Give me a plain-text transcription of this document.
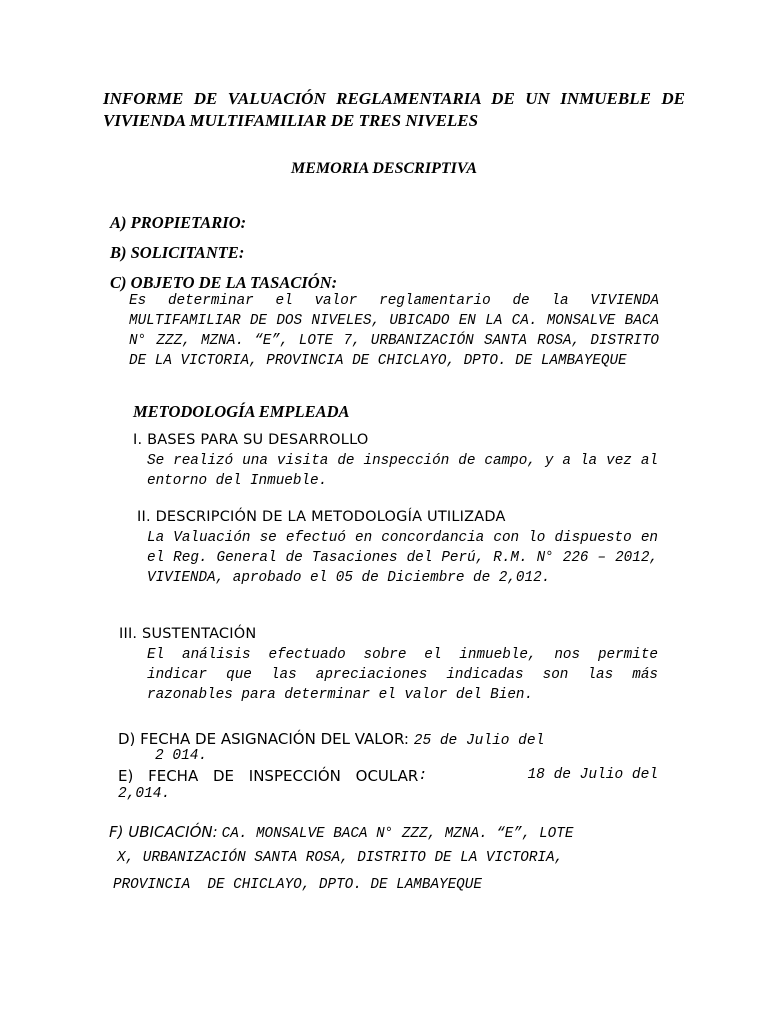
INFORME DE VALUACIÓN REGLAMENTARIA DE UN INMUEBLE DE VIVIENDA MULTIFAMILIAR DE TRES NIVELES
MEMORIA DESCRIPTIVA
A) PROPIETARIO:
B) SOLICITANTE:
C) OBJETO DE LA TASACIÓN:
Es determinar el valor reglamentario de la VIVIENDA MULTIFAMILIAR DE DOS NIVELES, UBICADO EN LA CA. MONSALVE BACA N° ZZZ, MZNA. “E”, LOTE 7, URBANIZACIÓN SANTA ROSA, DISTRITO DE LA VICTORIA, PROVINCIA DE CHICLAYO, DPTO. DE LAMBAYEQUE
METODOLOGÍA EMPLEADA
I. BASES PARA SU DESARROLLO
Se realizó una visita de inspección de campo, y a la vez al entorno del Inmueble.
II. DESCRIPCIÓN DE LA METODOLOGÍA UTILIZADA
La Valuación se efectuó en concordancia con lo dispuesto en el Reg. General de Tasaciones del Perú, R.M. N° 226 – 2012, VIVIENDA, aprobado el 05 de Diciembre de 2,012.
III. SUSTENTACIÓN
El análisis efectuado sobre el inmueble, nos permite indicar que las apreciaciones indicadas son las más razonables para determinar el valor del Bien.
D) FECHA DE ASIGNACIÓN DEL VALOR: 25 de Julio del
2 014.
E) FECHA DE INSPECCIÓN OCULAR :	18 de Julio del
2,014.
F) UBICACIÓN: CA. MONSALVE BACA N° ZZZ, MZNA. “E”, LOTE
X, URBANIZACIÓN SANTA ROSA, DISTRITO DE LA VICTORIA,
PROVINCIA  DE CHICLAYO, DPTO. DE LAMBAYEQUE
